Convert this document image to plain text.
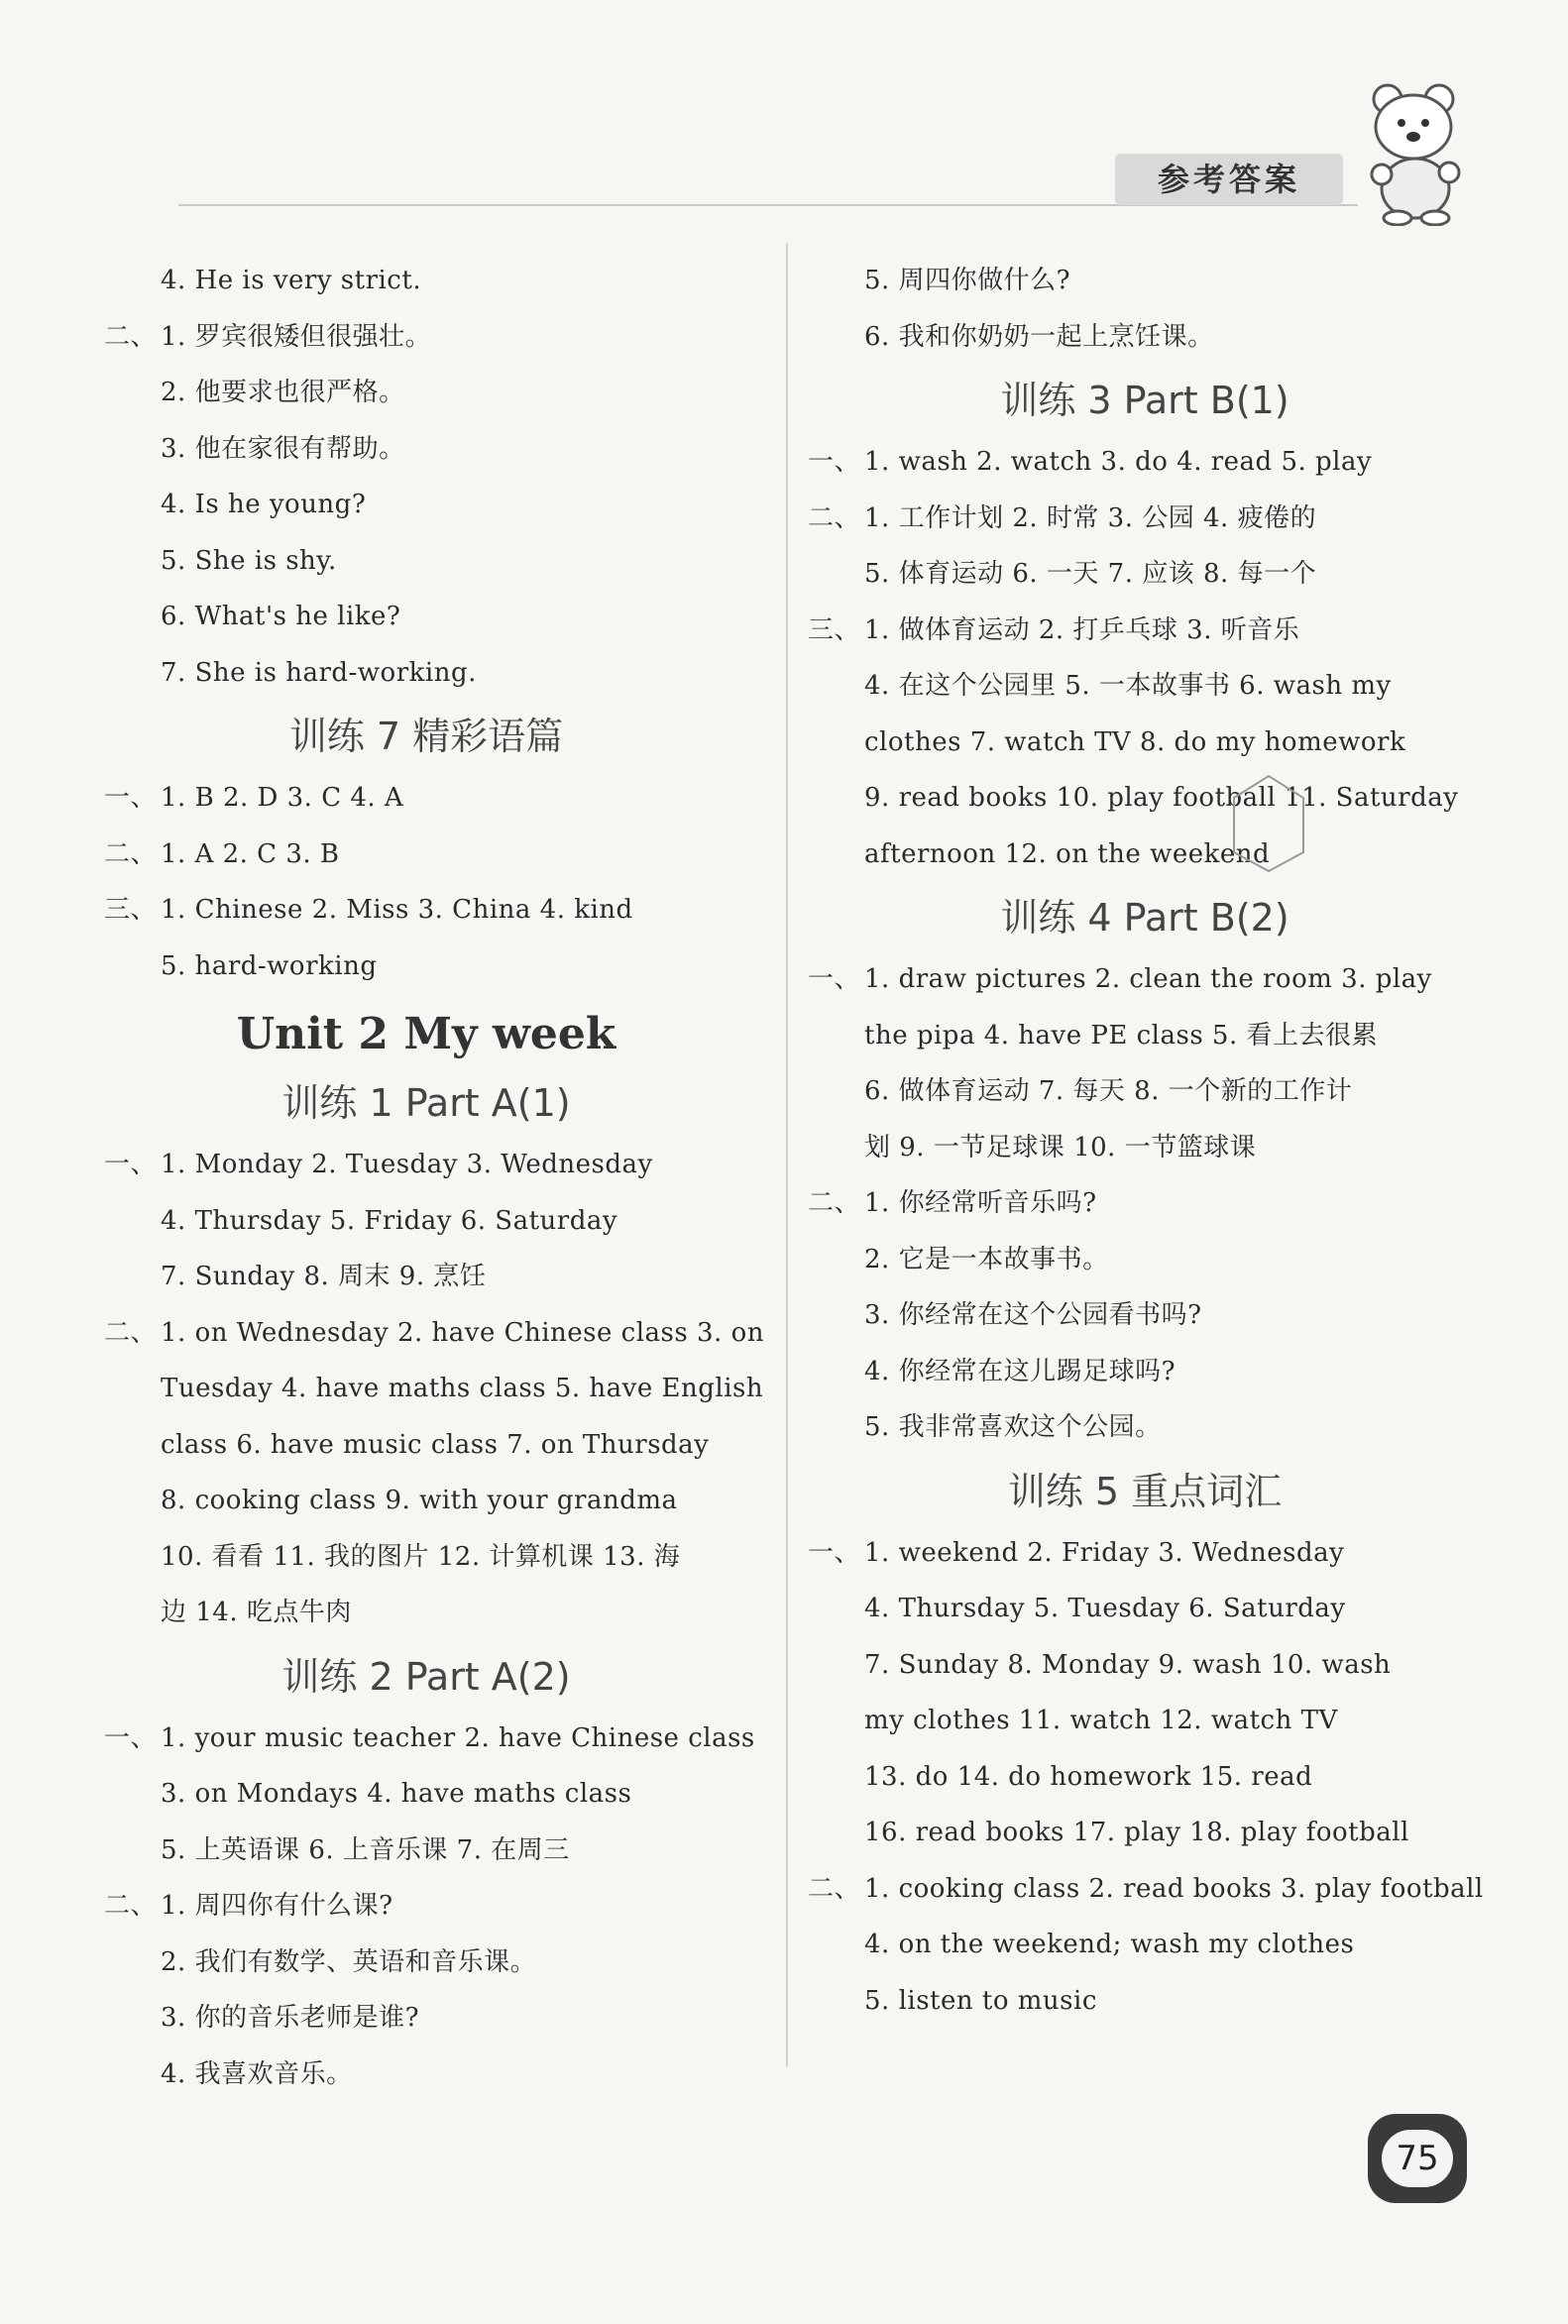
参考答案
4. He is very strict.
二、 1. 罗宾很矮但很强壮。
2. 他要求也很严格。
3. 他在家很有帮助。
4. Is he young?
5. She is shy.
6. What's he like?
7. She is hard-working.
训练 7 精彩语篇
一、 1. B 2. D 3. C 4. A
二、 1. A 2. C 3. B
三、 1. Chinese 2. Miss 3. China 4. kind
5. hard-working
Unit 2 My week
训练 1 Part A(1)
一、 1. Monday 2. Tuesday 3. Wednesday
4. Thursday 5. Friday 6. Saturday
7. Sunday 8. 周末 9. 烹饪
二、 1. on Wednesday 2. have Chinese class 3. on
Tuesday 4. have maths class 5. have English
class 6. have music class 7. on Thursday
8. cooking class 9. with your grandma
10. 看看 11. 我的图片 12. 计算机课 13. 海
边 14. 吃点牛肉
训练 2 Part A(2)
一、 1. your music teacher 2. have Chinese class
3. on Mondays 4. have maths class
5. 上英语课 6. 上音乐课 7. 在周三
二、 1. 周四你有什么课?
2. 我们有数学、英语和音乐课。
3. 你的音乐老师是谁?
4. 我喜欢音乐。
5. 周四你做什么?
6. 我和你奶奶一起上烹饪课。
训练 3 Part B(1)
一、 1. wash 2. watch 3. do 4. read 5. play
二、 1. 工作计划 2. 时常 3. 公园 4. 疲倦的
5. 体育运动 6. 一天 7. 应该 8. 每一个
三、 1. 做体育运动 2. 打乒乓球 3. 听音乐
4. 在这个公园里 5. 一本故事书 6. wash my
clothes 7. watch TV 8. do my homework
9. read books 10. play football 11. Saturday
afternoon 12. on the weekend
训练 4 Part B(2)
一、 1. draw pictures 2. clean the room 3. play
the pipa 4. have PE class 5. 看上去很累
6. 做体育运动 7. 每天 8. 一个新的工作计
划 9. 一节足球课 10. 一节篮球课
二、 1. 你经常听音乐吗?
2. 它是一本故事书。
3. 你经常在这个公园看书吗?
4. 你经常在这儿踢足球吗?
5. 我非常喜欢这个公园。
训练 5 重点词汇
一、 1. weekend 2. Friday 3. Wednesday
4. Thursday 5. Tuesday 6. Saturday
7. Sunday 8. Monday 9. wash 10. wash
my clothes 11. watch 12. watch TV
13. do 14. do homework 15. read
16. read books 17. play 18. play football
二、 1. cooking class 2. read books 3. play football
4. on the weekend; wash my clothes
5. listen to music
75
